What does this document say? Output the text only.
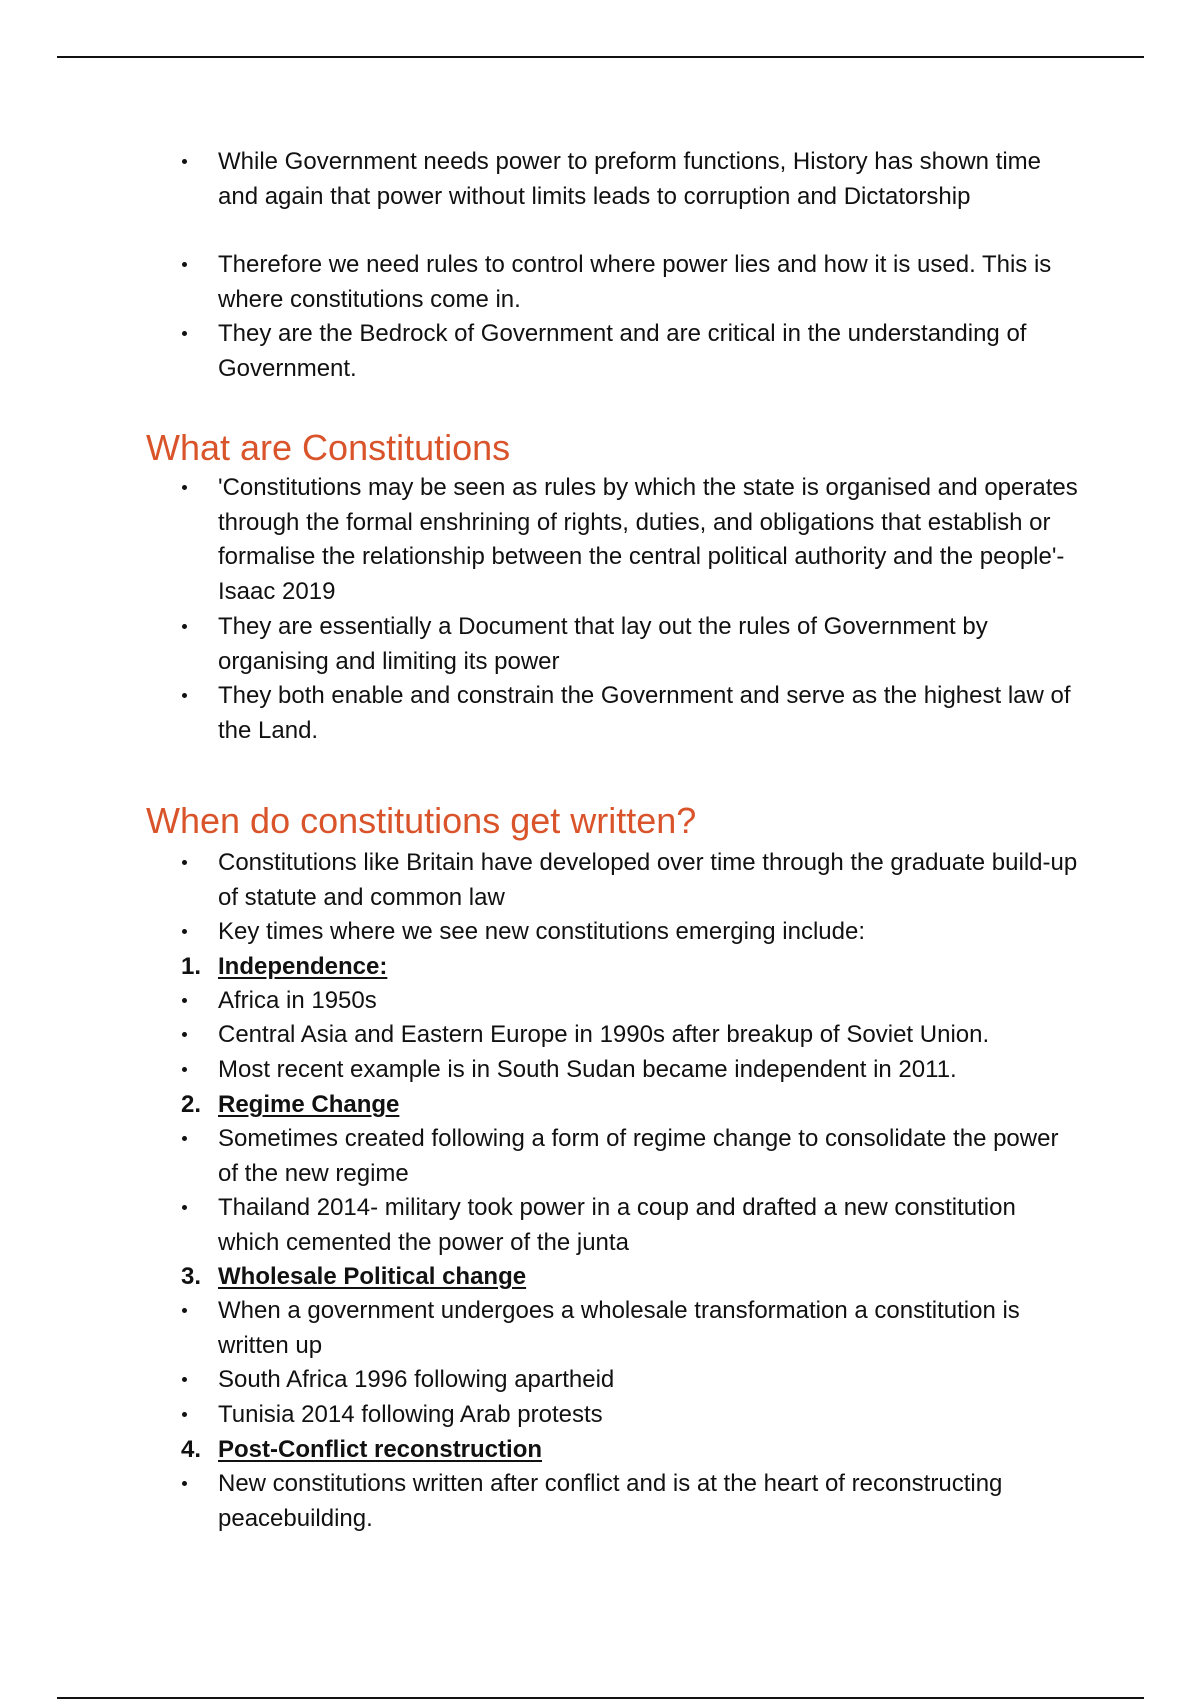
While Government needs power to preform functions, History has shown time and again that power without limits leads to corruption and Dictatorship
Therefore we need rules to control where power lies and how it is used. This is where constitutions come in.
They are the Bedrock of Government and are critical in the understanding of Government.
What are Constitutions
'Constitutions may be seen as rules by which the state is organised and operates through the formal enshrining of rights, duties, and obligations that establish or formalise the relationship between the central political authority and the people'- Isaac 2019
They are essentially a Document that lay out the rules of Government by organising and limiting its power
They both enable and constrain the Government and serve as the highest law of the Land.
When do constitutions get written?
Constitutions like Britain have developed over time through the graduate build-up of statute and common law
Key times where we see new constitutions emerging include:
1. Independence:
Africa in 1950s
Central Asia and Eastern Europe in 1990s after breakup of Soviet Union.
Most recent example is in South Sudan became independent in 2011.
2. Regime Change
Sometimes created following a form of regime change to consolidate the power of the new regime
Thailand 2014- military took power in a coup and drafted a new constitution which cemented the power of the junta
3. Wholesale Political change
When a government undergoes a wholesale transformation a constitution is written up
South Africa 1996 following apartheid
Tunisia 2014 following Arab protests
4. Post-Conflict reconstruction
New constitutions written after conflict and is at the heart of reconstructing peacebuilding.
